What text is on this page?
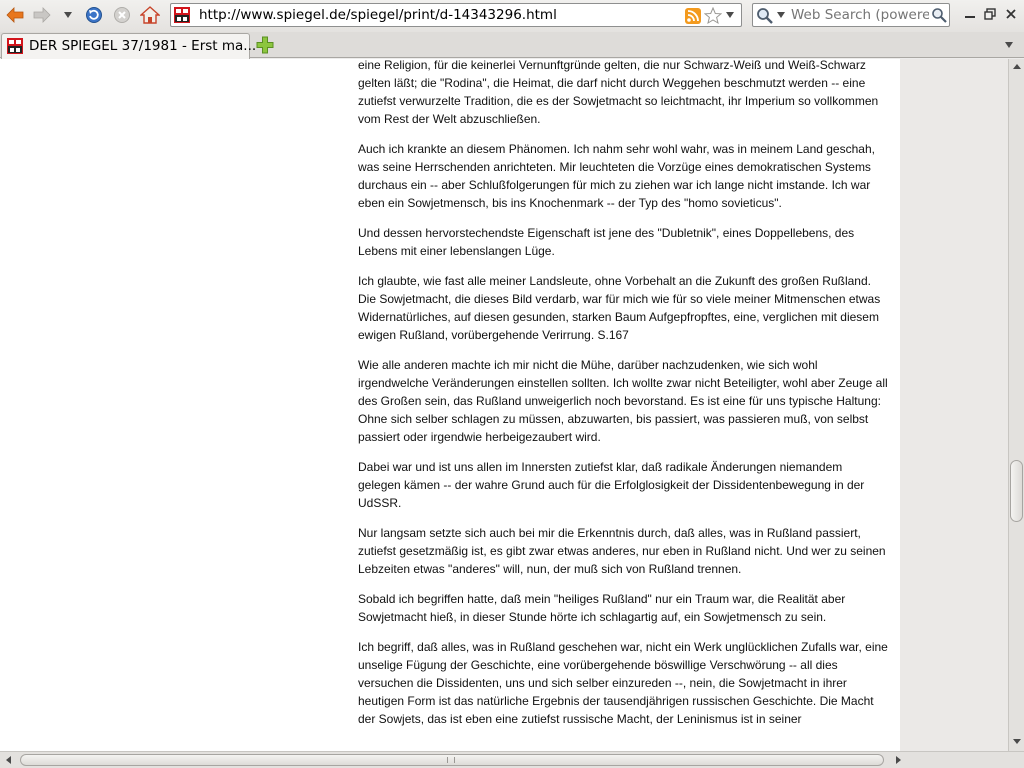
http://www.spiegel.de/spiegel/print/d-14343296.html
Web Search (powered
DER SPIEGEL 37/1981 - Erst ma...

eine Religion, für die keinerlei Vernunftgründe gelten, die nur Schwarz-Weiß und Weiß-Schwarz gelten läßt; die "Rodina", die Heimat, die darf nicht durch Weggehen beschmutzt werden -- eine zutiefst verwurzelte Tradition, die es der Sowjetmacht so leichtmacht, ihr Imperium so vollkommen vom Rest der Welt abzuschließen.

Auch ich krankte an diesem Phänomen. Ich nahm sehr wohl wahr, was in meinem Land geschah, was seine Herrschenden anrichteten. Mir leuchteten die Vorzüge eines demokratischen Systems durchaus ein -- aber Schlußfolgerungen für mich zu ziehen war ich lange nicht imstande. Ich war eben ein Sowjetmensch, bis ins Knochenmark -- der Typ des "homo sovieticus".

Und dessen hervorstechendste Eigenschaft ist jene des "Dubletnik", eines Doppellebens, des Lebens mit einer lebenslangen Lüge.

Ich glaubte, wie fast alle meiner Landsleute, ohne Vorbehalt an die Zukunft des großen Rußland. Die Sowjetmacht, die dieses Bild verdarb, war für mich wie für so viele meiner Mitmenschen etwas Widernatürliches, auf diesen gesunden, starken Baum Aufgepfropftes, eine, verglichen mit diesem ewigen Rußland, vorübergehende Verirrung. S.167

Wie alle anderen machte ich mir nicht die Mühe, darüber nachzudenken, wie sich wohl irgendwelche Veränderungen einstellen sollten. Ich wollte zwar nicht Beteiligter, wohl aber Zeuge all des Großen sein, das Rußland unweigerlich noch bevorstand. Es ist eine für uns typische Haltung: Ohne sich selber schlagen zu müssen, abzuwarten, bis passiert, was passieren muß, von selbst passiert oder irgendwie herbeigezaubert wird.

Dabei war und ist uns allen im Innersten zutiefst klar, daß radikale Änderungen niemandem gelegen kämen -- der wahre Grund auch für die Erfolglosigkeit der Dissidentenbewegung in der UdSSR.

Nur langsam setzte sich auch bei mir die Erkenntnis durch, daß alles, was in Rußland passiert, zutiefst gesetzmäßig ist, es gibt zwar etwas anderes, nur eben in Rußland nicht. Und wer zu seinen Lebzeiten etwas "anderes" will, nun, der muß sich von Rußland trennen.

Sobald ich begriffen hatte, daß mein "heiliges Rußland" nur ein Traum war, die Realität aber Sowjetmacht hieß, in dieser Stunde hörte ich schlagartig auf, ein Sowjetmensch zu sein.

Ich begriff, daß alles, was in Rußland geschehen war, nicht ein Werk unglücklichen Zufalls war, eine unselige Fügung der Geschichte, eine vorübergehende böswillige Verschwörung -- all dies versuchen die Dissidenten, uns und sich selber einzureden --, nein, die Sowjetmacht in ihrer heutigen Form ist das natürliche Ergebnis der tausendjährigen russischen Geschichte. Die Macht der Sowjets, das ist eben eine zutiefst russische Macht, der Leninismus ist in seiner
